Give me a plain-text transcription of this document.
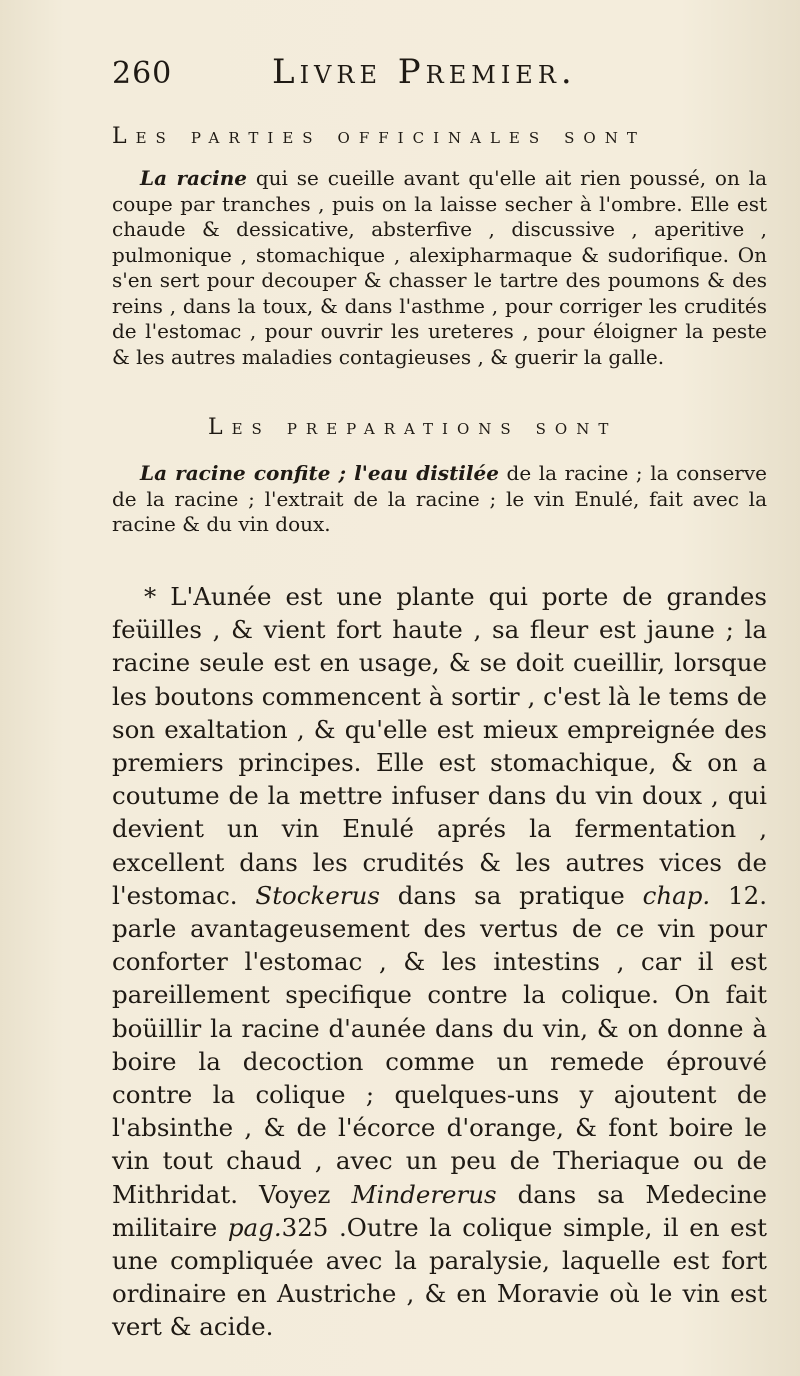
260	Livre Premier.
Les parties officinales sont
La racine qui se cueille avant qu'elle ait rien poussé, on la coupe par tranches , puis on la laisse secher à l'ombre. Elle est chaude & dessicative, absterfive , discussive , aperitive , pulmonique , stomachique , alexipharmaque & sudorifique. On s'en sert pour decouper & chasser le tartre des poumons & des reins , dans la toux, & dans l'asthme , pour corriger les crudités de l'estomac , pour ouvrir les ureteres , pour éloigner la peste & les autres maladies contagieuses , & guerir la galle.
Les preparations sont
La racine confite ; l'eau distilée de la racine ; la conserve de la racine ; l'extrait de la racine ; le vin Enulé, fait avec la racine & du vin doux.
* L'Aunée est une plante qui porte de grandes feüilles , & vient fort haute , sa fleur est jaune ; la racine seule est en usage, & se doit cueillir, lorsque les boutons commencent à sortir , c'est là le tems de son exaltation , & qu'elle est mieux empreignée des premiers principes. Elle est stomachique, & on a coutume de la mettre infuser dans du vin doux , qui devient un vin Enulé aprés la fermentation , excellent dans les crudités & les autres vices de l'estomac. Stockerus dans sa pratique chap. 12. parle avantageusement des vertus de ce vin pour conforter l'estomac , & les intestins , car il est pareillement specifique contre la colique. On fait boüillir la racine d'aunée dans du vin, & on donne à boire la decoction comme un remede éprouvé contre la colique ; quelques-uns y ajoutent de l'absinthe , & de l'écorce d'orange, & font boire le vin tout chaud , avec un peu de Theriaque ou de Mithridat. Voyez Mindererus dans sa Medecine militaire pag.325 .Outre la colique simple, il en est une compliquée avec la paralysie, laquelle est fort ordinaire en Austriche , & en Moravie où le vin est vert & acide.
